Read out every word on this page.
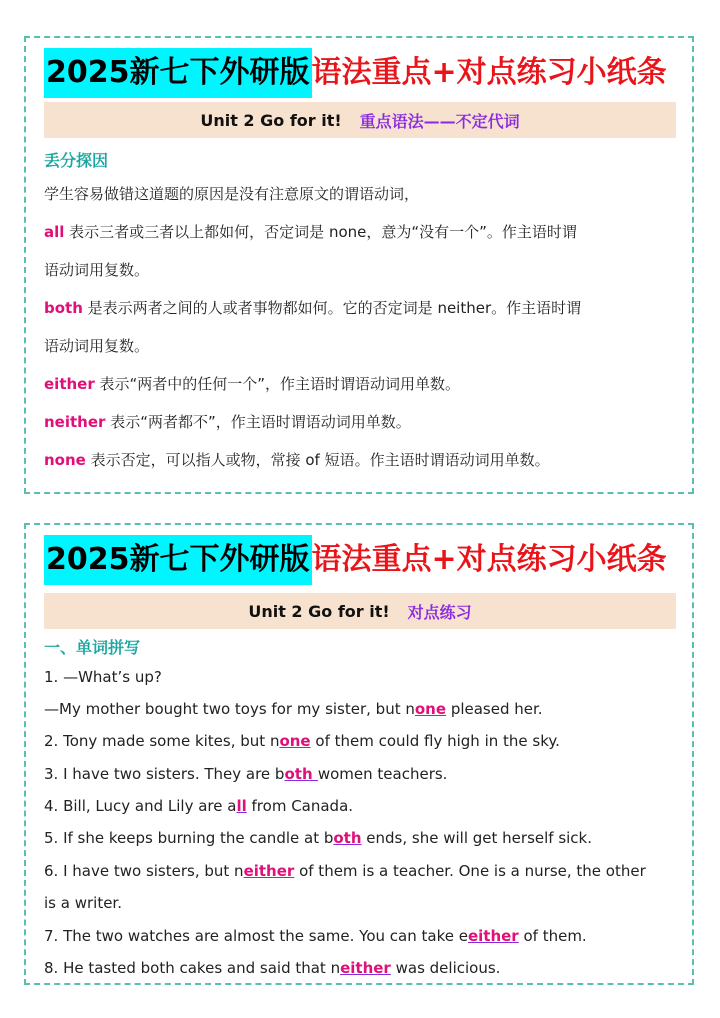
2025新七下外研版 语法重点+对点练习小纸条
Unit 2 Go for it! 重点语法——不定代词
丢分探因
学生容易做错这道题的原因是没有注意原文的谓语动词，
all 表示三者或三者以上都如何，否定词是 none，意为“没有一个”。作主语时谓
语动词用复数。
both 是表示两者之间的人或者事物都如何。它的否定词是 neither。作主语时谓
语动词用复数。
either 表示“两者中的任何一个”，作主语时谓语动词用单数。
neither 表示“两者都不”，作主语时谓语动词用单数。
none 表示否定，可以指人或物，常接 of 短语。作主语时谓语动词用单数。
2025新七下外研版 语法重点+对点练习小纸条
Unit 2 Go for it! 对点练习
一、单词拼写
1. —What’s up?
—My mother bought two toys for my sister, but none pleased her.
2. Tony made some kites, but none of them could fly high in the sky.
3. I have two sisters. They are both women teachers.
4. Bill, Lucy and Lily are all from Canada.
5. If she keeps burning the candle at both ends, she will get herself sick.
6. I have two sisters, but neither of them is a teacher. One is a nurse, the other
is a writer.
7. The two watches are almost the same. You can take eeither of them.
8. He tasted both cakes and said that neither was delicious.
